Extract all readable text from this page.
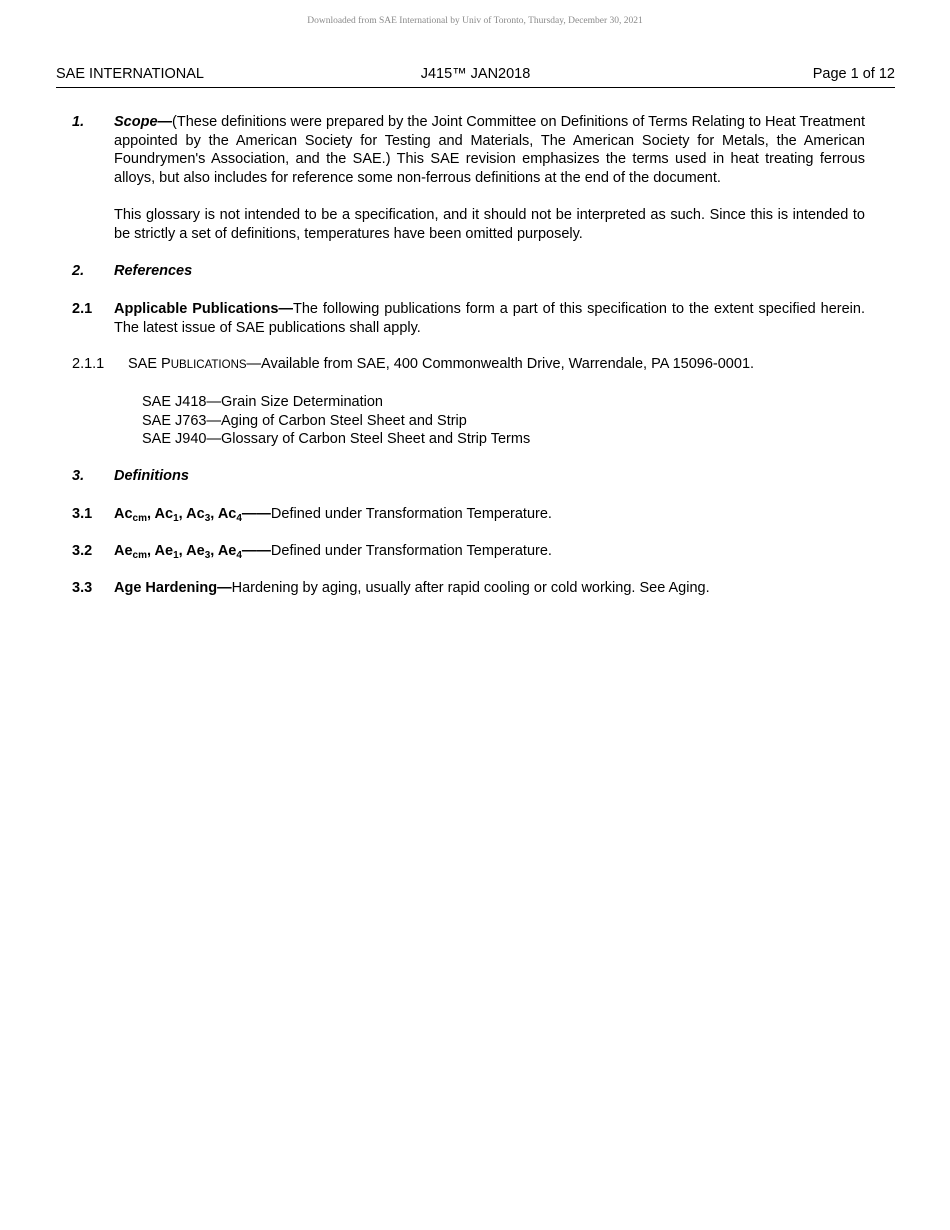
Downloaded from SAE International by Univ of Toronto, Thursday, December 30, 2021
SAE INTERNATIONAL	J415™ JAN2018	Page 1 of 12
1. Scope—(These definitions were prepared by the Joint Committee on Definitions of Terms Relating to Heat Treatment appointed by the American Society for Testing and Materials, The American Society for Metals, the American Foundrymen's Association, and the SAE.) This SAE revision emphasizes the terms used in heat treating ferrous alloys, but also includes for reference some non-ferrous definitions at the end of the document.
This glossary is not intended to be a specification, and it should not be interpreted as such. Since this is intended to be strictly a set of definitions, temperatures have been omitted purposely.
2. References
2.1 Applicable Publications—The following publications form a part of this specification to the extent specified herein. The latest issue of SAE publications shall apply.
2.1.1 SAE PUBLICATIONS—Available from SAE, 400 Commonwealth Drive, Warrendale, PA 15096-0001.
SAE J418—Grain Size Determination
SAE J763—Aging of Carbon Steel Sheet and Strip
SAE J940—Glossary of Carbon Steel Sheet and Strip Terms
3. Definitions
3.1 $Ac_{cm}$, $Ac_1$, $Ac_3$, $Ac_4——Defined$ under Transformation Temperature.
3.2 $Ae_{cm}$, $Ae_1$, $Ae_3$, $Ae_4——Defined$ under Transformation Temperature.
3.3 Age Hardening—Hardening by aging, usually after rapid cooling or cold working. See Aging.
